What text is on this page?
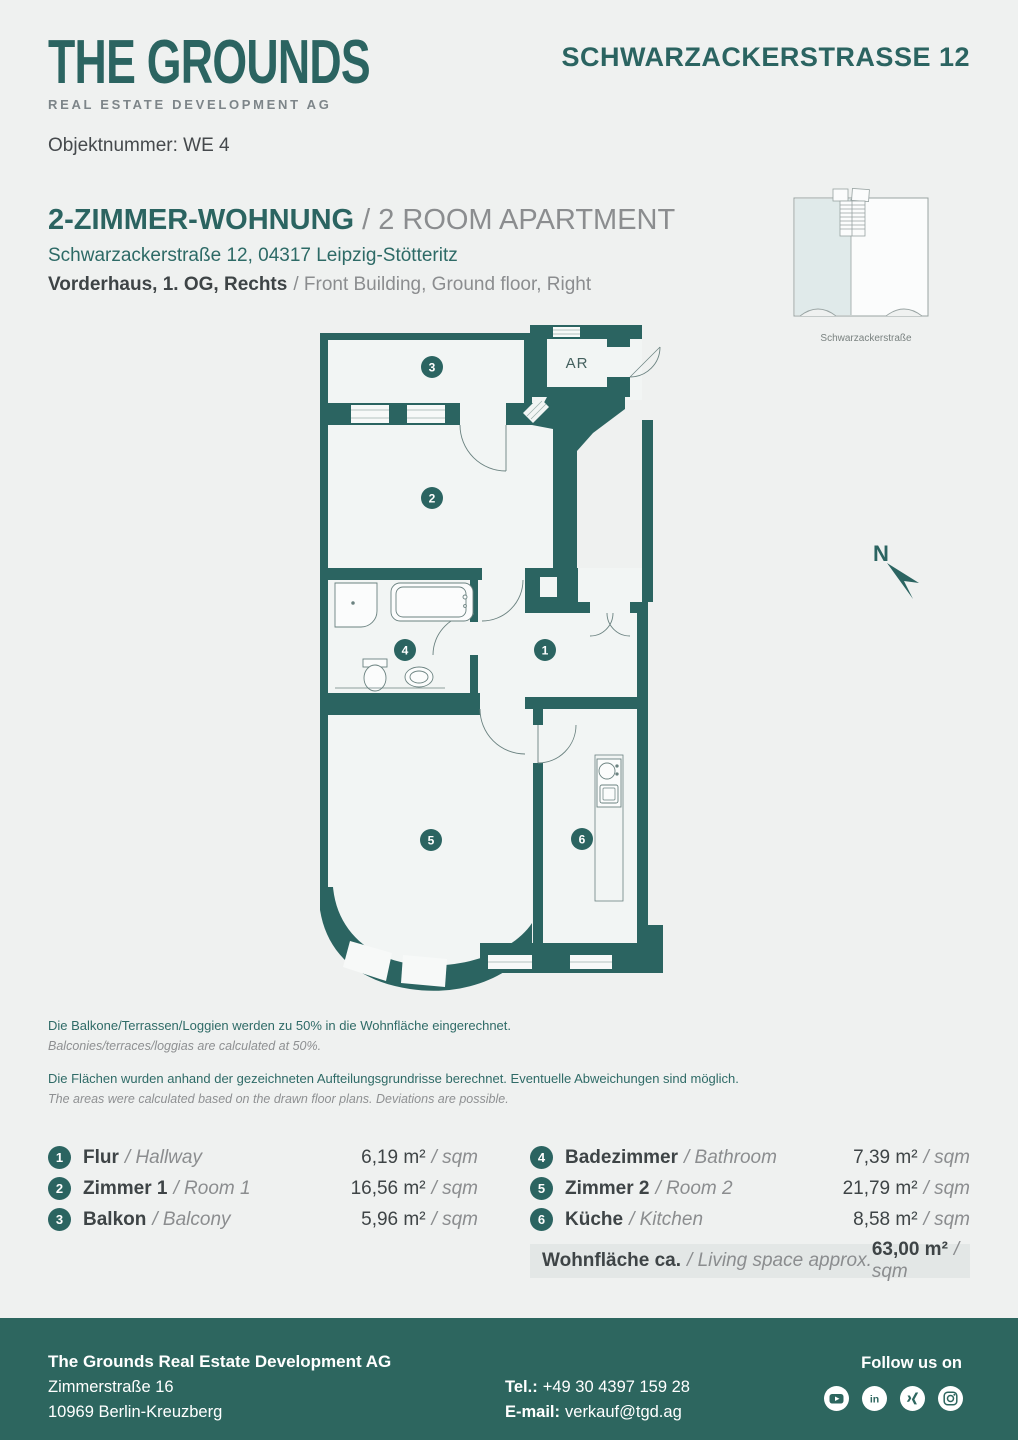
THE GROUNDS
REAL ESTATE DEVELOPMENT AG
SCHWARZACKERSTRASSE 12
Objektnummer: WE 4
2-ZIMMER-WOHNUNG / 2 ROOM APARTMENT
Schwarzackerstraße 12, 04317 Leipzig-Stötteritz
Vorderhaus, 1. OG, Rechts / Front Building, Ground floor, Right
Schwarzackerstraße
N
1
2
3
4
5	6
AR
Die Balkone/Terrassen/Loggien werden zu 50% in die Wohnfläche eingerechnet.
Balconies/terraces/loggias are calculated at 50%.
Die Flächen wurden anhand der gezeichneten Aufteilungsgrundrisse berechnet. Eventuelle Abweichungen sind möglich.
The areas were calculated based on the drawn floor plans. Deviations are possible.
1	Flur / Hallway	6,19 m² / sqm
2	Zimmer 1 / Room 1	16,56 m² / sqm
3	Balkon / Balcony	5,96 m² / sqm
4	Badezimmer / Bathroom	7,39 m² / sqm
5	Zimmer 2 / Room 2	21,79 m² / sqm
6	Küche / Kitchen	8,58 m² / sqm
Wohnfläche ca. / Living space approx.
63,00 m² / sqm
The Grounds Real Estate Development AG
Zimmerstraße 16
10969 Berlin-Kreuzberg
Tel.: +49 30 4397 159 28
E-mail: verkauf@tgd.ag
Follow us on
in
